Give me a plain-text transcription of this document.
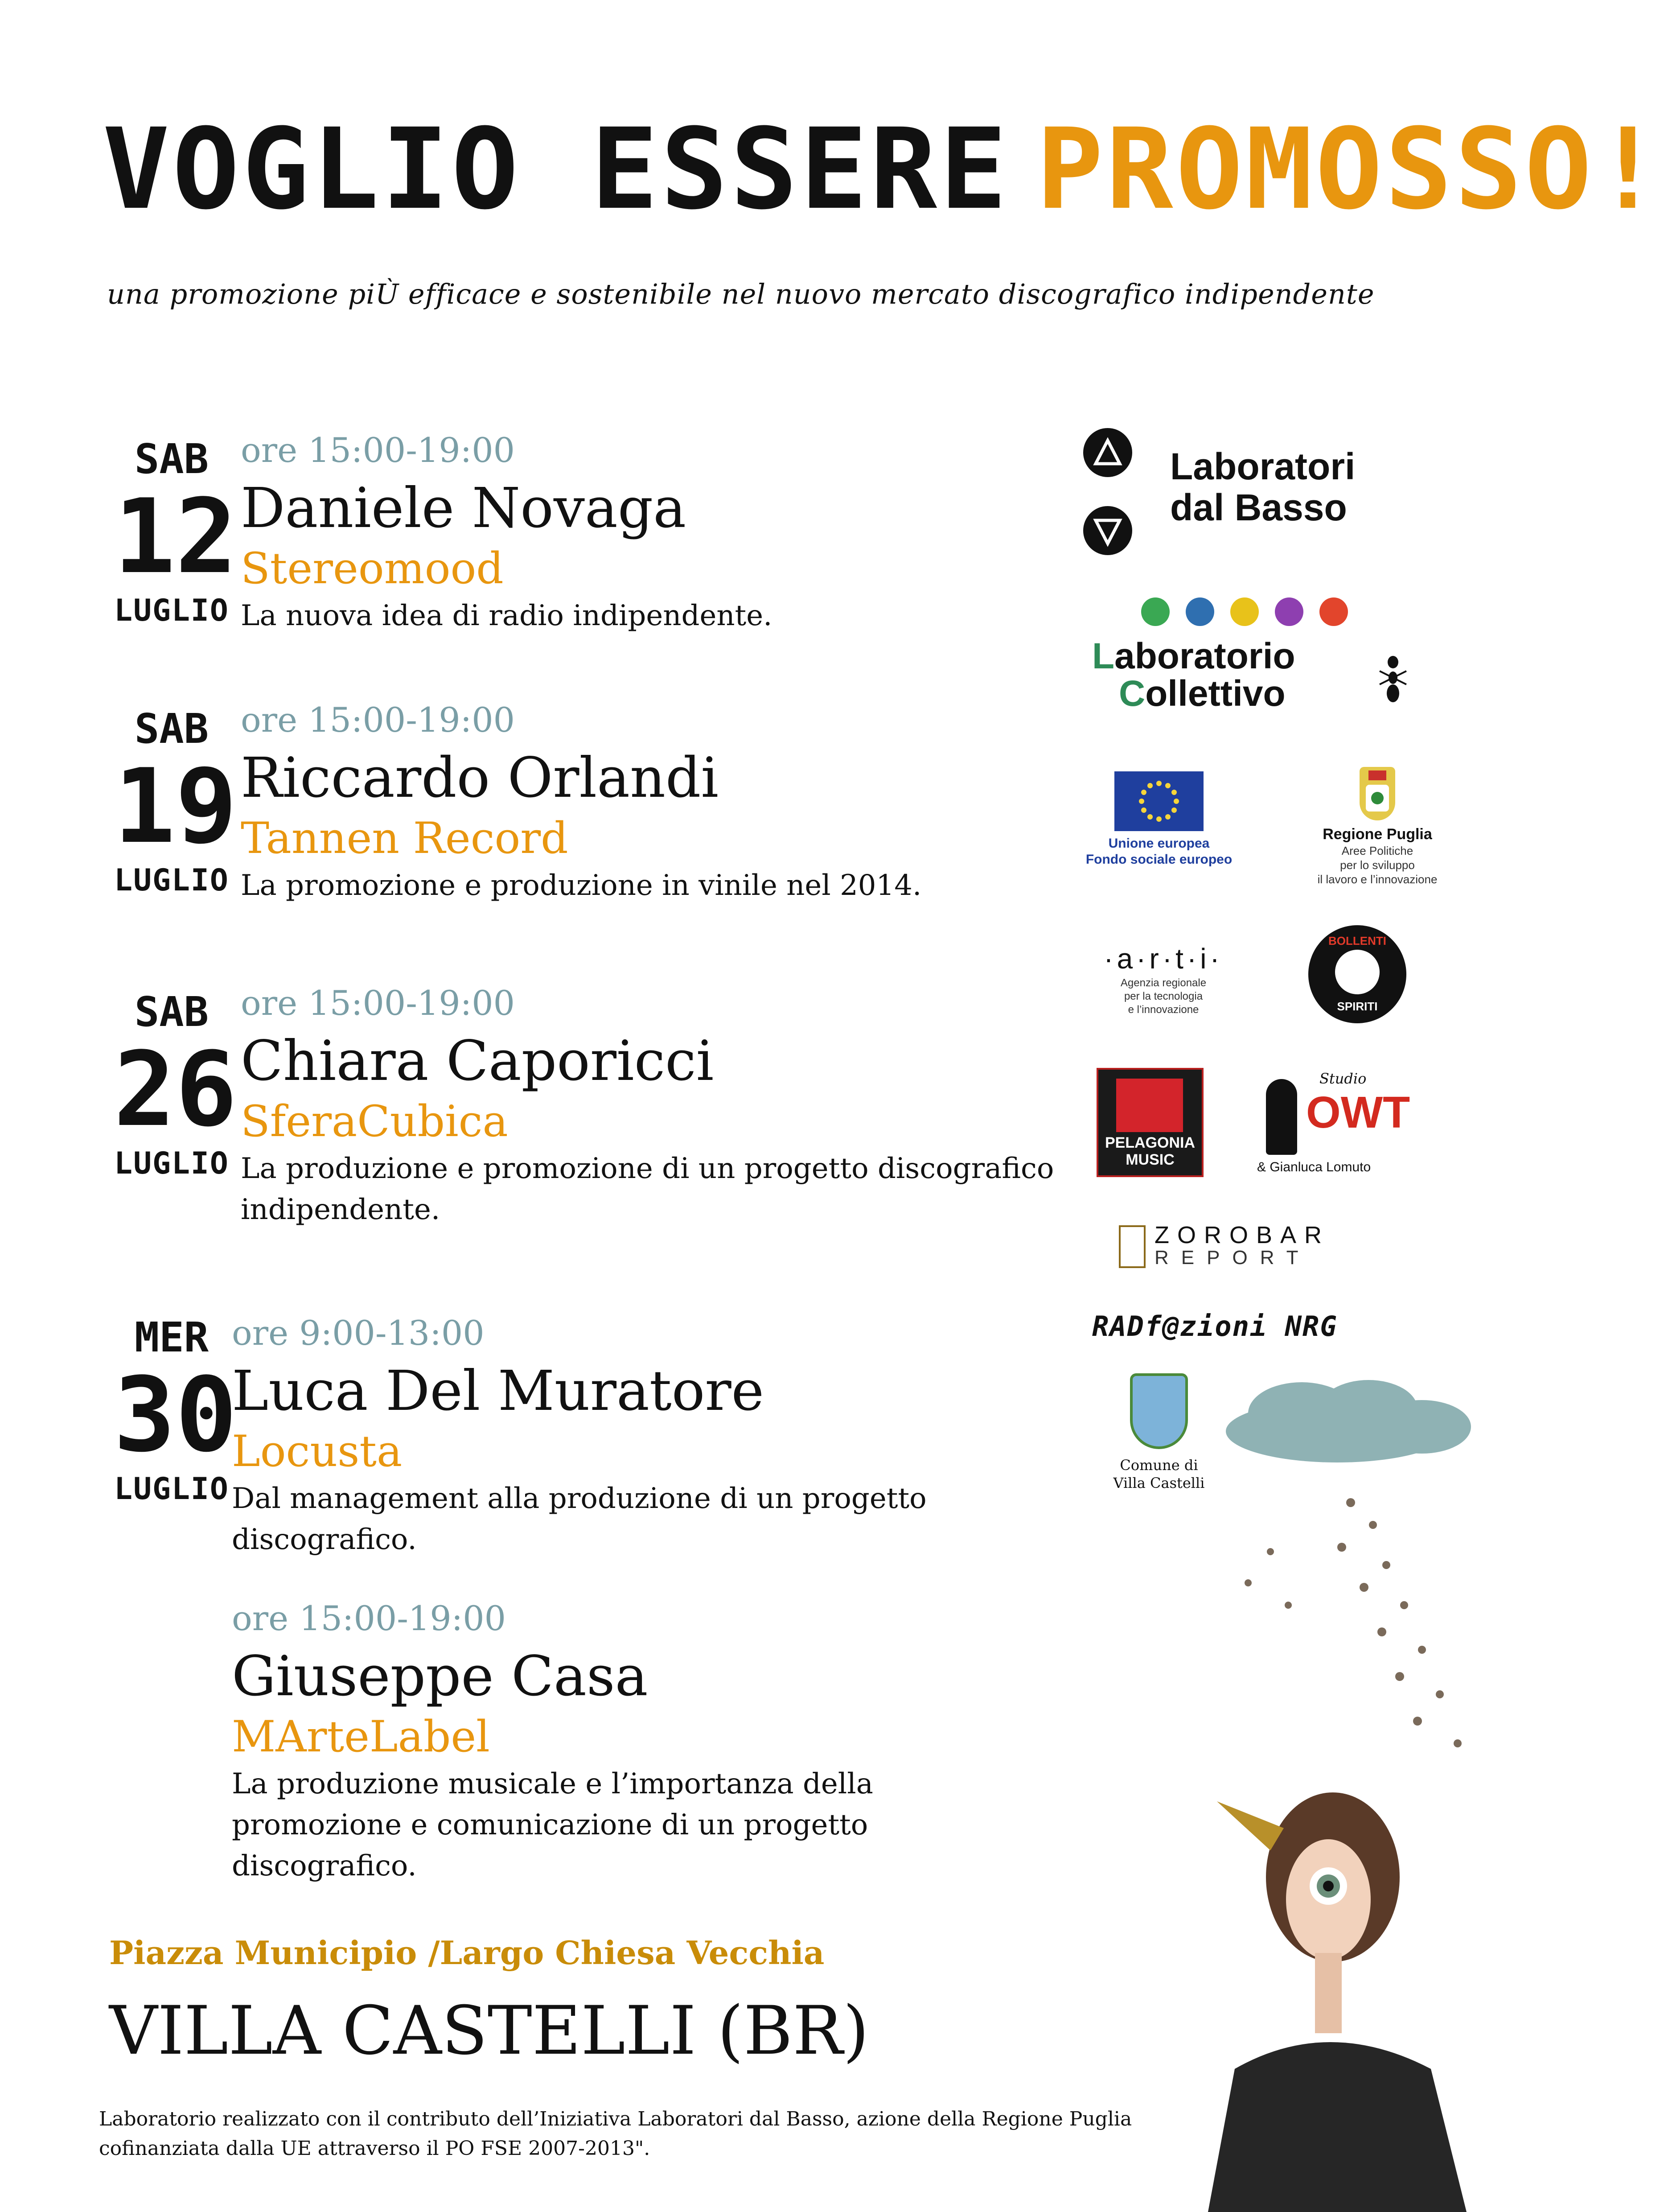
VOGLIO ESSERE PROMOSSO!
una promozione piÙ efficace e sostenibile nel nuovo mercato discografico indipendente
SAB
12
LUGLIO
ore 15:00-19:00
Daniele Novaga
Stereomood
La nuova idea di radio indipendente.
SAB
19
LUGLIO
ore 15:00-19:00
Riccardo Orlandi
Tannen Record
La promozione e produzione in vinile nel 2014.
SAB
26
LUGLIO
ore 15:00-19:00
Chiara Caporicci
SferaCubica
La produzione e promozione di un progetto discografico indipendente.
MER
30
LUGLIO
ore 9:00-13:00
Luca Del Muratore
Locusta
Dal management alla produzione di un progetto discografico.
ore 15:00-19:00
Giuseppe Casa
MArteLabel
La produzione musicale e l’importanza della promozione e comunicazione di un progetto discografico.
Piazza Municipio /Largo Chiesa Vecchia
VILLA CASTELLI (BR)
Laboratorio realizzato con il contributo dell’Iniziativa Laboratori dal Basso, azione della Regione Puglia cofinanziata dalla UE attraverso il PO FSE 2007-2013".
Laboratori
dal Basso
Laboratorio
Collettivo
Unione europea
Fondo sociale europeo
Regione Puglia
Aree Politiche
per lo sviluppo
il lavoro e l’innovazione
·a·r·t·i·
Agenzia regionale
per la tecnologia
e l’innovazione
BOLLENTI
SPIRITI
PELAGONIA
MUSIC
Studio
OWT
& Gianluca Lomuto
ZOROBAR
REPORT
RADf@zioni NRG
Comune di
Villa Castelli
